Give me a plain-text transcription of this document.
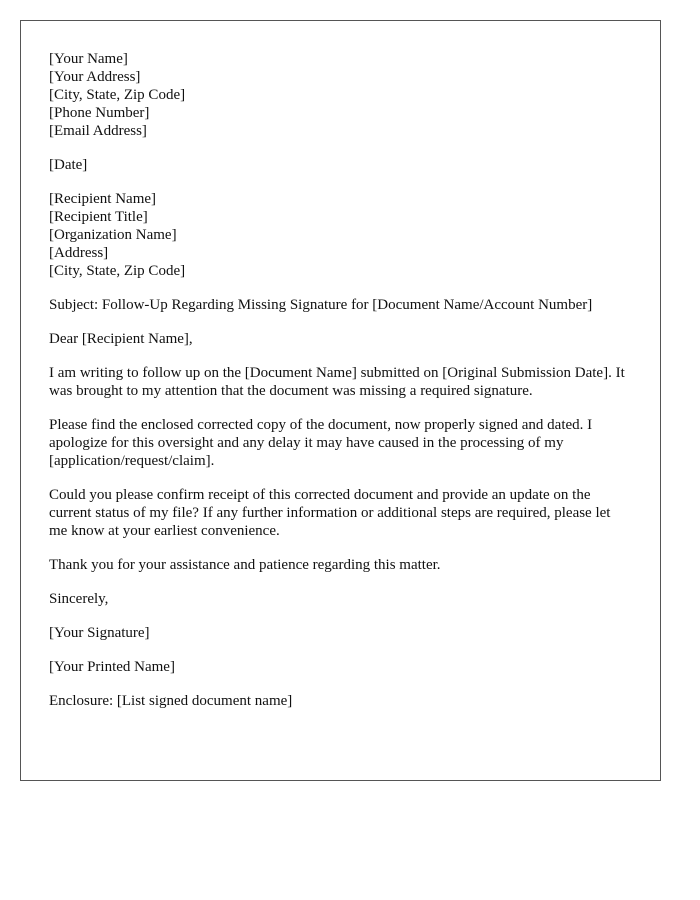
[Your Name]
[Your Address]
[City, State, Zip Code]
[Phone Number]
[Email Address]
[Date]
[Recipient Name]
[Recipient Title]
[Organization Name]
[Address]
[City, State, Zip Code]

Subject: Follow-Up Regarding Missing Signature for [Document Name/Account Number]

Dear [Recipient Name],

I am writing to follow up on the [Document Name] submitted on [Original Submission Date]. It was brought to my attention that the document was missing a required signature.

Please find the enclosed corrected copy of the document, now properly signed and dated. I apologize for this oversight and any delay it may have caused in the processing of my [application/request/claim].

Could you please confirm receipt of this corrected document and provide an update on the current status of my file? If any further information or additional steps are required, please let me know at your earliest convenience.

Thank you for your assistance and patience regarding this matter.

Sincerely,

[Your Signature]

[Your Printed Name]

Enclosure: [List signed document name]
